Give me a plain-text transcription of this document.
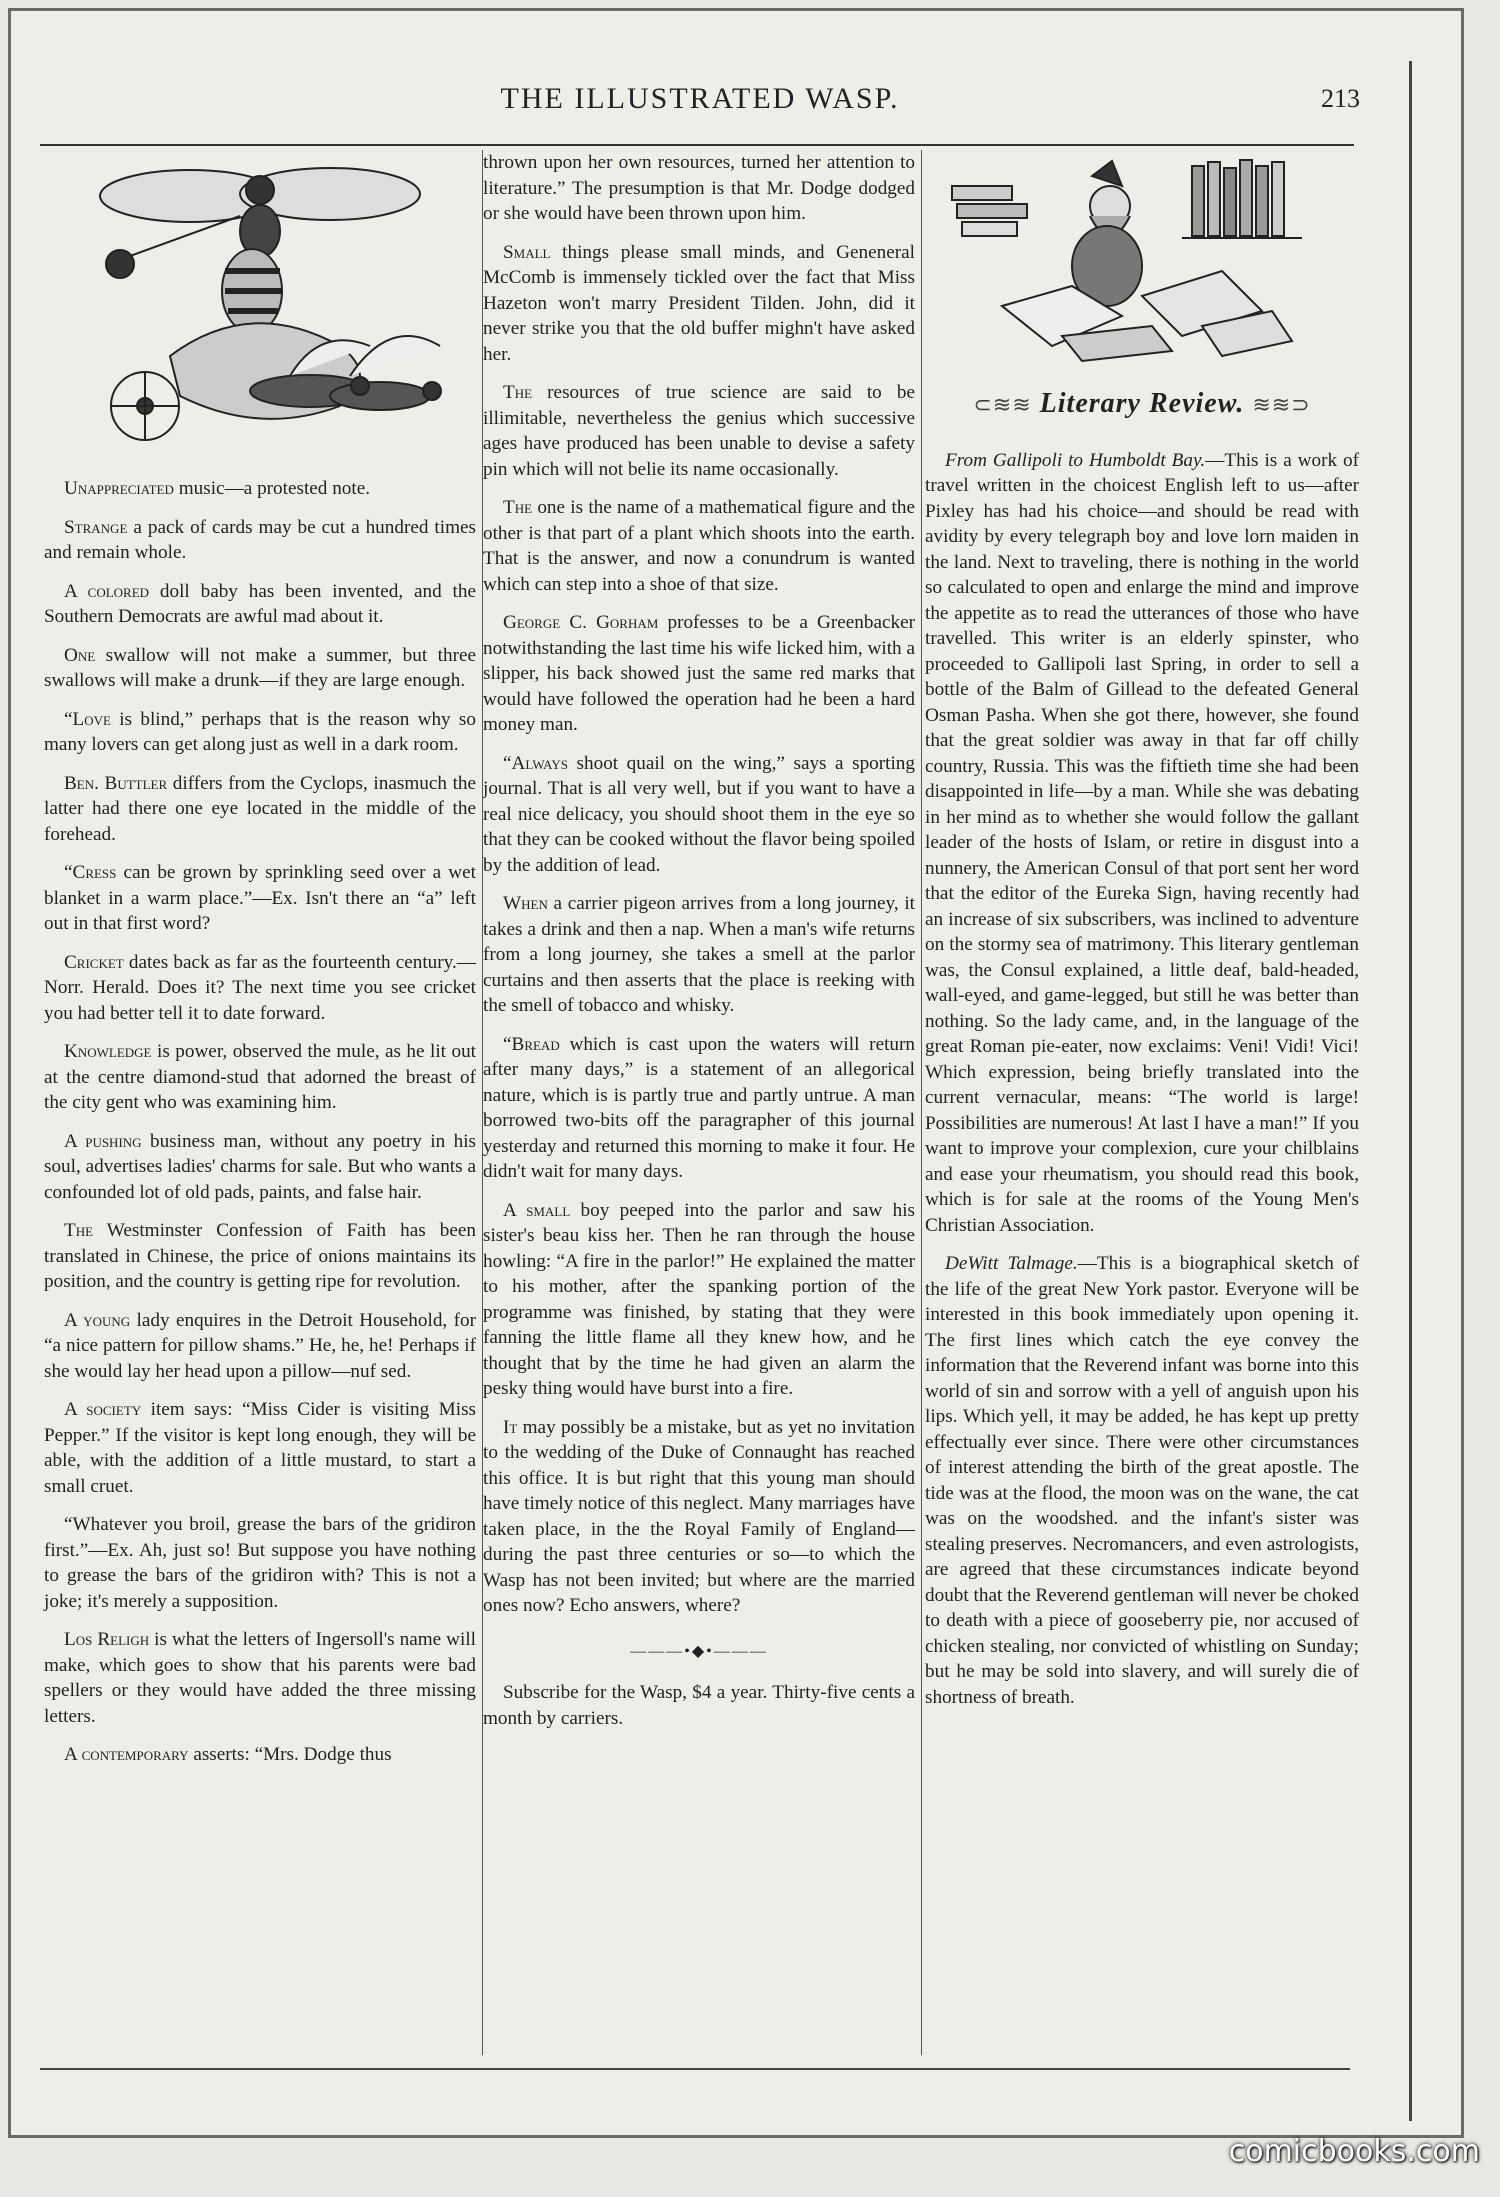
THE ILLUSTRATED WASP.	213

Unappreciated music—a protested note.

Strange a pack of cards may be cut a hundred times and remain whole.

A colored doll baby has been invented, and the Southern Democrats are awful mad about it.

One swallow will not make a summer, but three swallows will make a drunk—if they are large enough.

“Love is blind,” perhaps that is the reason why so many lovers can get along just as well in a dark room.

Ben. Buttler differs from the Cyclops, inasmuch the latter had there one eye located in the middle of the forehead.

“Cress can be grown by sprinkling seed over a wet blanket in a warm place.”—Ex. Isn't there an “a” left out in that first word?

Cricket dates back as far as the fourteenth century.—Norr. Herald. Does it? The next time you see cricket you had better tell it to date forward.

Knowledge is power, observed the mule, as he lit out at the centre diamond-stud that adorned the breast of the city gent who was examining him.

A pushing business man, without any poetry in his soul, advertises ladies' charms for sale. But who wants a confounded lot of old pads, paints, and false hair.

The Westminster Confession of Faith has been translated in Chinese, the price of onions maintains its position, and the country is getting ripe for revolution.

A young lady enquires in the Detroit Household, for “a nice pattern for pillow shams.” He, he, he! Perhaps if she would lay her head upon a pillow—nuf sed.

A society item says: “Miss Cider is visiting Miss Pepper.” If the visitor is kept long enough, they will be able, with the addition of a little mustard, to start a small cruet.

“Whatever you broil, grease the bars of the gridiron first.”—Ex. Ah, just so! But suppose you have nothing to grease the bars of the gridiron with? This is not a joke; it's merely a supposition.

Los Religh is what the letters of Ingersoll's name will make, which goes to show that his parents were bad spellers or they would have added the three missing letters.

A contemporary asserts: “Mrs. Dodge thus

thrown upon her own resources, turned her attention to literature.” The presumption is that Mr. Dodge dodged or she would have been thrown upon him.

Small things please small minds, and Geneneral McComb is immensely tickled over the fact that Miss Hazeton won't marry President Tilden. John, did it never strike you that the old buffer mighn't have asked her.

The resources of true science are said to be illimitable, nevertheless the genius which successive ages have produced has been unable to devise a safety pin which will not belie its name occasionally.

The one is the name of a mathematical figure and the other is that part of a plant which shoots into the earth. That is the answer, and now a conundrum is wanted which can step into a shoe of that size.

George C. Gorham professes to be a Greenbacker notwithstanding the last time his wife licked him, with a slipper, his back showed just the same red marks that would have followed the operation had he been a hard money man.

“Always shoot quail on the wing,” says a sporting journal. That is all very well, but if you want to have a real nice delicacy, you should shoot them in the eye so that they can be cooked without the flavor being spoiled by the addition of lead.

When a carrier pigeon arrives from a long journey, it takes a drink and then a nap. When a man's wife returns from a long journey, she takes a smell at the parlor curtains and then asserts that the place is reeking with the smell of tobacco and whisky.

“Bread which is cast upon the waters will return after many days,” is a statement of an allegorical nature, which is is partly true and partly untrue. A man borrowed two-bits off the paragrapher of this journal yesterday and returned this morning to make it four. He didn't wait for many days.

A small boy peeped into the parlor and saw his sister's beau kiss her. Then he ran through the house howling: “A fire in the parlor!” He explained the matter to his mother, after the spanking portion of the programme was finished, by stating that they were fanning the little flame all they knew how, and he thought that by the time he had given an alarm the pesky thing would have burst into a fire.

It may possibly be a mistake, but as yet no invitation to the wedding of the Duke of Connaught has reached this office. It is but right that this young man should have timely notice of this neglect. Many marriages have taken place, in the the Royal Family of England—during the past three centuries or so—to which the Wasp has not been invited; but where are the married ones now? Echo answers, where?

———•◆•———

Subscribe for the Wasp, $4 a year. Thirty-five cents a month by carriers.

⊂≋≋ Literary Review. ≋≋⊃

From Gallipoli to Humboldt Bay.—This is a work of travel written in the choicest English left to us—after Pixley has had his choice—and should be read with avidity by every telegraph boy and love lorn maiden in the land. Next to traveling, there is nothing in the world so calculated to open and enlarge the mind and improve the appetite as to read the utterances of those who have travelled. This writer is an elderly spinster, who proceeded to Gallipoli last Spring, in order to sell a bottle of the Balm of Gillead to the defeated General Osman Pasha. When she got there, however, she found that the great soldier was away in that far off chilly country, Russia. This was the fiftieth time she had been disappointed in life—by a man. While she was debating in her mind as to whether she would follow the gallant leader of the hosts of Islam, or retire in disgust into a nunnery, the American Consul of that port sent her word that the editor of the Eureka Sign, having recently had an increase of six subscribers, was inclined to adventure on the stormy sea of matrimony. This literary gentleman was, the Consul explained, a little deaf, bald-headed, wall-eyed, and game-legged, but still he was better than nothing. So the lady came, and, in the language of the great Roman pie-eater, now exclaims: Veni! Vidi! Vici! Which expression, being briefly translated into the current vernacular, means: “The world is large! Possibilities are numerous! At last I have a man!” If you want to improve your complexion, cure your chilblains and ease your rheumatism, you should read this book, which is for sale at the rooms of the Young Men's Christian Association.

DeWitt Talmage.—This is a biographical sketch of the life of the great New York pastor. Everyone will be interested in this book immediately upon opening it. The first lines which catch the eye convey the information that the Reverend infant was borne into this world of sin and sorrow with a yell of anguish upon his lips. Which yell, it may be added, he has kept up pretty effectually ever since. There were other circumstances of interest attending the birth of the great apostle. The tide was at the flood, the moon was on the wane, the cat was on the woodshed. and the infant's sister was stealing preserves. Necromancers, and even astrologists, are agreed that these circumstances indicate beyond doubt that the Reverend gentleman will never be choked to death with a piece of gooseberry pie, nor accused of chicken stealing, nor convicted of whistling on Sunday; but he may be sold into slavery, and will surely die of shortness of breath.

comicbooks.com
